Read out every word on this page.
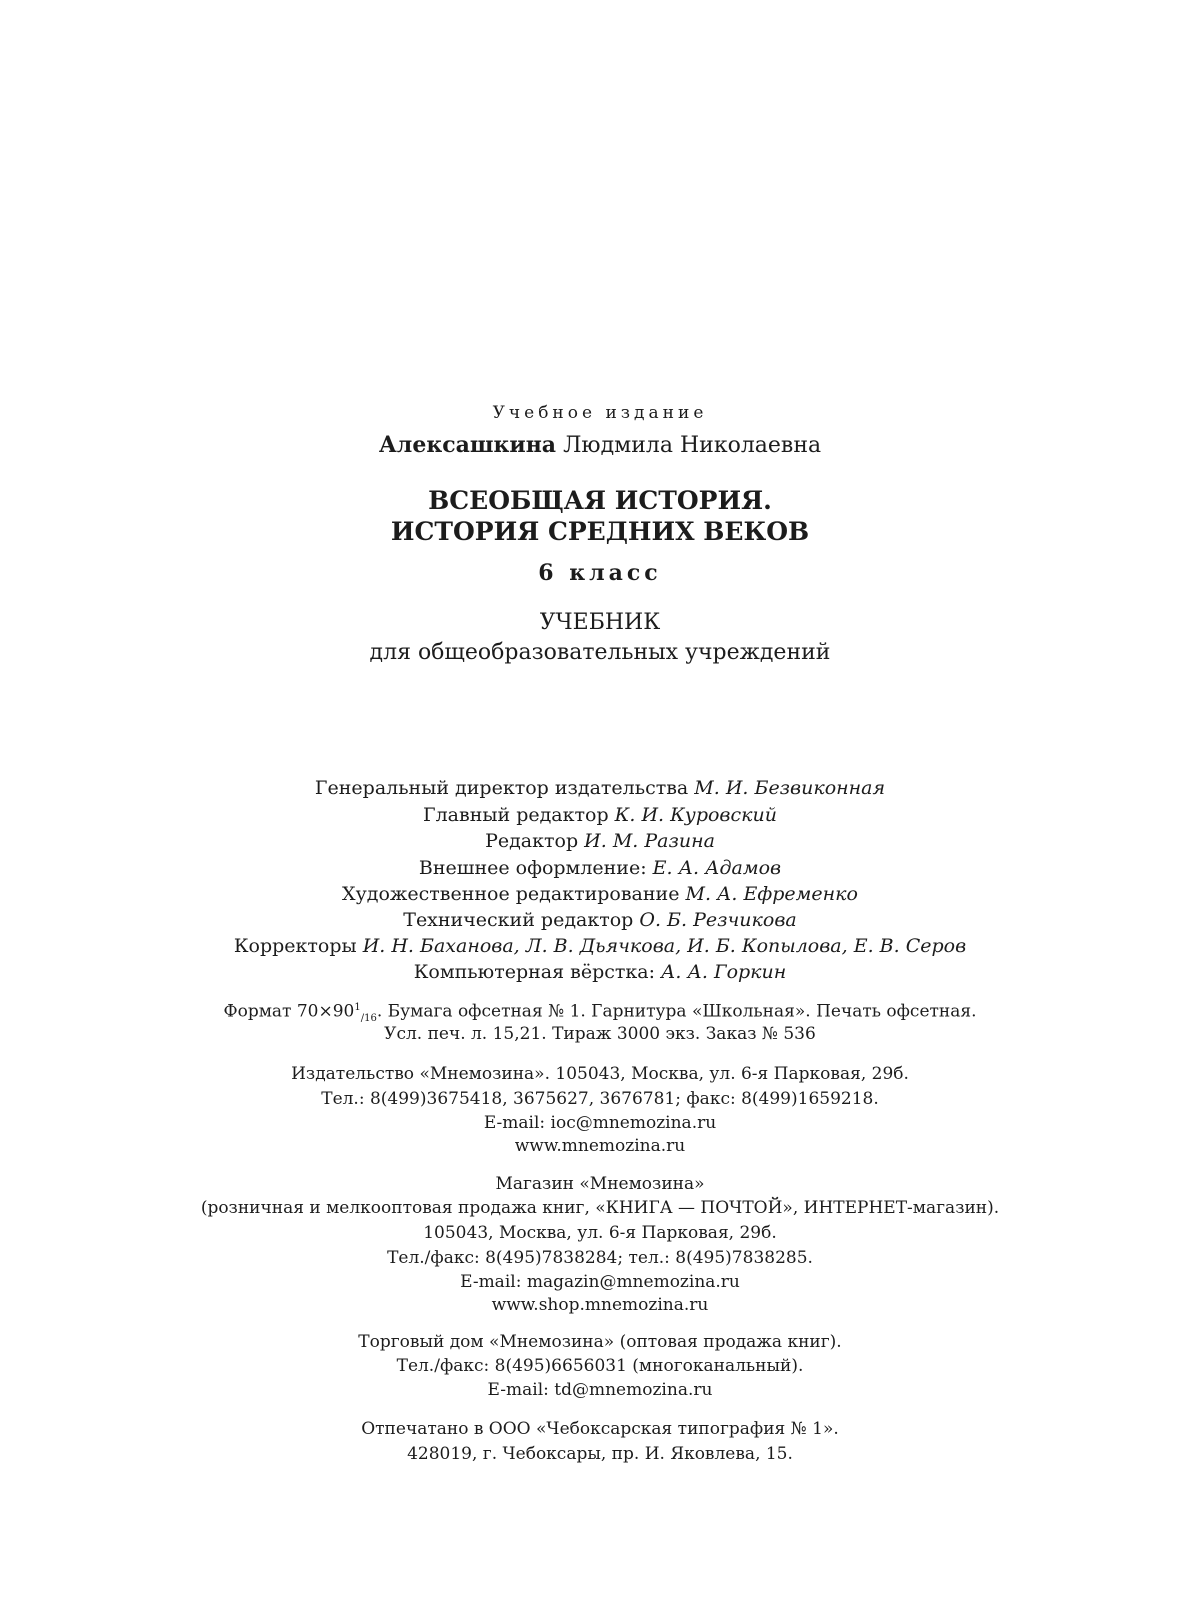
Учебное издание
Алексашкина Людмила Николаевна
ВСЕОБЩАЯ ИСТОРИЯ.
ИСТОРИЯ СРЕДНИХ ВЕКОВ
6 класс
УЧЕБНИК
для общеобразовательных учреждений
Генеральный директор издательства М. И. Безвиконная
Главный редактор К. И. Куровский
Редактор И. М. Разина
Внешнее оформление: Е. А. Адамов
Художественное редактирование М. А. Ефременко
Технический редактор О. Б. Резчикова
Корректоры И. Н. Баханова, Л. В. Дьячкова, И. Б. Копылова, Е. В. Серов
Компьютерная вёрстка: А. А. Горкин
Формат $70\times 90^1_{/16}$. Бумага офсетная № 1. Гарнитура «Школьная». Печать офсетная.
Усл. печ. л. 15,21. Тираж 3000 экз. Заказ № 536
Издательство «Мнемозина». 105043, Москва, ул. 6-я Парковая, 29б.
Тел.: 8(499)3675418, 3675627, 3676781; факс: 8(499)1659218.
E-mail: ioc@mnemozina.ru
www.mnemozina.ru
Магазин «Мнемозина»
(розничная и мелкооптовая продажа книг, «КНИГА — ПОЧТОЙ», ИНТЕРНЕТ-магазин).
105043, Москва, ул. 6-я Парковая, 29б.
Тел./факс: 8(495)7838284; тел.: 8(495)7838285.
E-mail: magazin@mnemozina.ru
www.shop.mnemozina.ru
Торговый дом «Мнемозина» (оптовая продажа книг).
Тел./факс: 8(495)6656031 (многоканальный).
E-mail: td@mnemozina.ru
Отпечатано в ООО «Чебоксарская типография № 1».
428019, г. Чебоксары, пр. И. Яковлева, 15.
